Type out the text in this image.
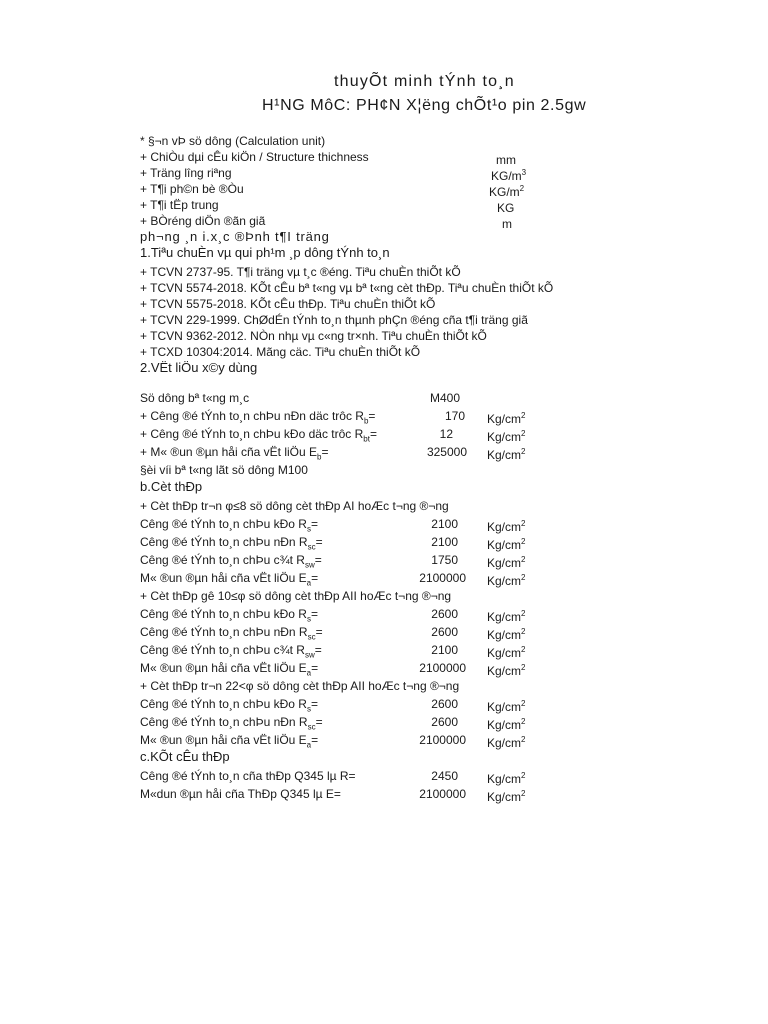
thuyÕt minh tÝnh to¸n
H¹NG MôC: PH¢N X¦ëng chÕt¹o pin 2.5gw
* §¬n vÞ sö dông (Calculation unit)
+ ChiÒu dµi cÊu kiÖn / Structure thichness	mm
+ Träng lîng riªng	$KG/m^3$
+ T¶i ph©n bè ®Òu	$KG/m^2$
+ T¶i tËp trung	KG
+ BÒréng diÖn ®ãn giã	m
ph¬ng ¸n i.x¸c ®Þnh t¶I träng
1.Tiªu chuÈn vµ qui ph¹m ¸p dông tÝnh to¸n
+ TCVN 2737-95. T¶i träng vµ t¸c ®éng. Tiªu chuÈn thiÕt kÕ
+ TCVN 5574-2018. KÕt cÊu bª t«ng vµ bª t«ng cèt thÐp. Tiªu chuÈn thiÕt kÕ
+ TCVN 5575-2018. KÕt cÊu thÐp. Tiªu chuÈn thiÕt kÕ
+ TCVN 229-1999. ChØdÉn tÝnh to¸n thµnh phÇn ®éng cña t¶i träng giã
+ TCVN 9362-2012. NÒn nhµ vµ c«ng tr×nh. Tiªu chuÈn thiÕt kÕ
+ TCXD 10304:2014. Mãng cäc. Tiªu chuÈn thiÕt kÕ
2.VËt liÖu x©y dùng
Sö dông bª t«ng m¸c	M400
+ Cêng ®é tÝnh to¸n chÞu nÐn däc trôc $R_b=$	170 $Kg/cm^2$
+ Cêng ®é tÝnh to¸n chÞu kÐo däc trôc $R_{bt}=$	12	$Kg/cm^2$
+ M« ®un ®µn håi cña vËt liÖu $E_b=$	325000 $Kg/cm^2$
§èi víi bª t«ng lãt sö dông M100
b.Cèt thÐp
+ Cèt thÐp tr¬n φ≤8 sö dông cèt thÐp AI hoÆc t¬ng ®¬ng
Cêng ®é tÝnh to¸n chÞu kÐo $R_s=$	2100 $Kg/cm^2$
Cêng ®é tÝnh to¸n chÞu nÐn $R_{sc}=$	2100 $Kg/cm^2$
Cêng ®é tÝnh to¸n chÞu c¾t $R_{sw}=$	1750 $Kg/cm^2$
M« ®un ®µn håi cña vËt liÖu $E_a=$	2100000 $Kg/cm^2$
+ Cèt thÐp gê 10≤φ sö dông cèt thÐp AII hoÆc t¬ng ®¬ng
Cêng ®é tÝnh to¸n chÞu kÐo $R_s=$	2600 $Kg/cm^2$
Cêng ®é tÝnh to¸n chÞu nÐn $R_{sc}=$	2600 $Kg/cm^2$
Cêng ®é tÝnh to¸n chÞu c¾t $R_{sw}=$	2100 $Kg/cm^2$
M« ®un ®µn håi cña vËt liÖu $E_a=$	2100000 $Kg/cm^2$
+ Cèt thÐp tr¬n 22<φ sö dông cèt thÐp AII hoÆc t¬ng ®¬ng
Cêng ®é tÝnh to¸n chÞu kÐo $R_s=$	2600 $Kg/cm^2$
Cêng ®é tÝnh to¸n chÞu nÐn $R_{sc}=$	2600 $Kg/cm^2$
M« ®un ®µn håi cña vËt liÖu $E_a=$	2100000 $Kg/cm^2$
c.KÕt cÊu thÐp
Cêng ®é tÝnh to¸n cña thÐp Q345 lµ R=	2450 $Kg/cm^2$
M«dun ®µn håi cña ThÐp Q345 lµ E=	2100000 $Kg/cm^2$
